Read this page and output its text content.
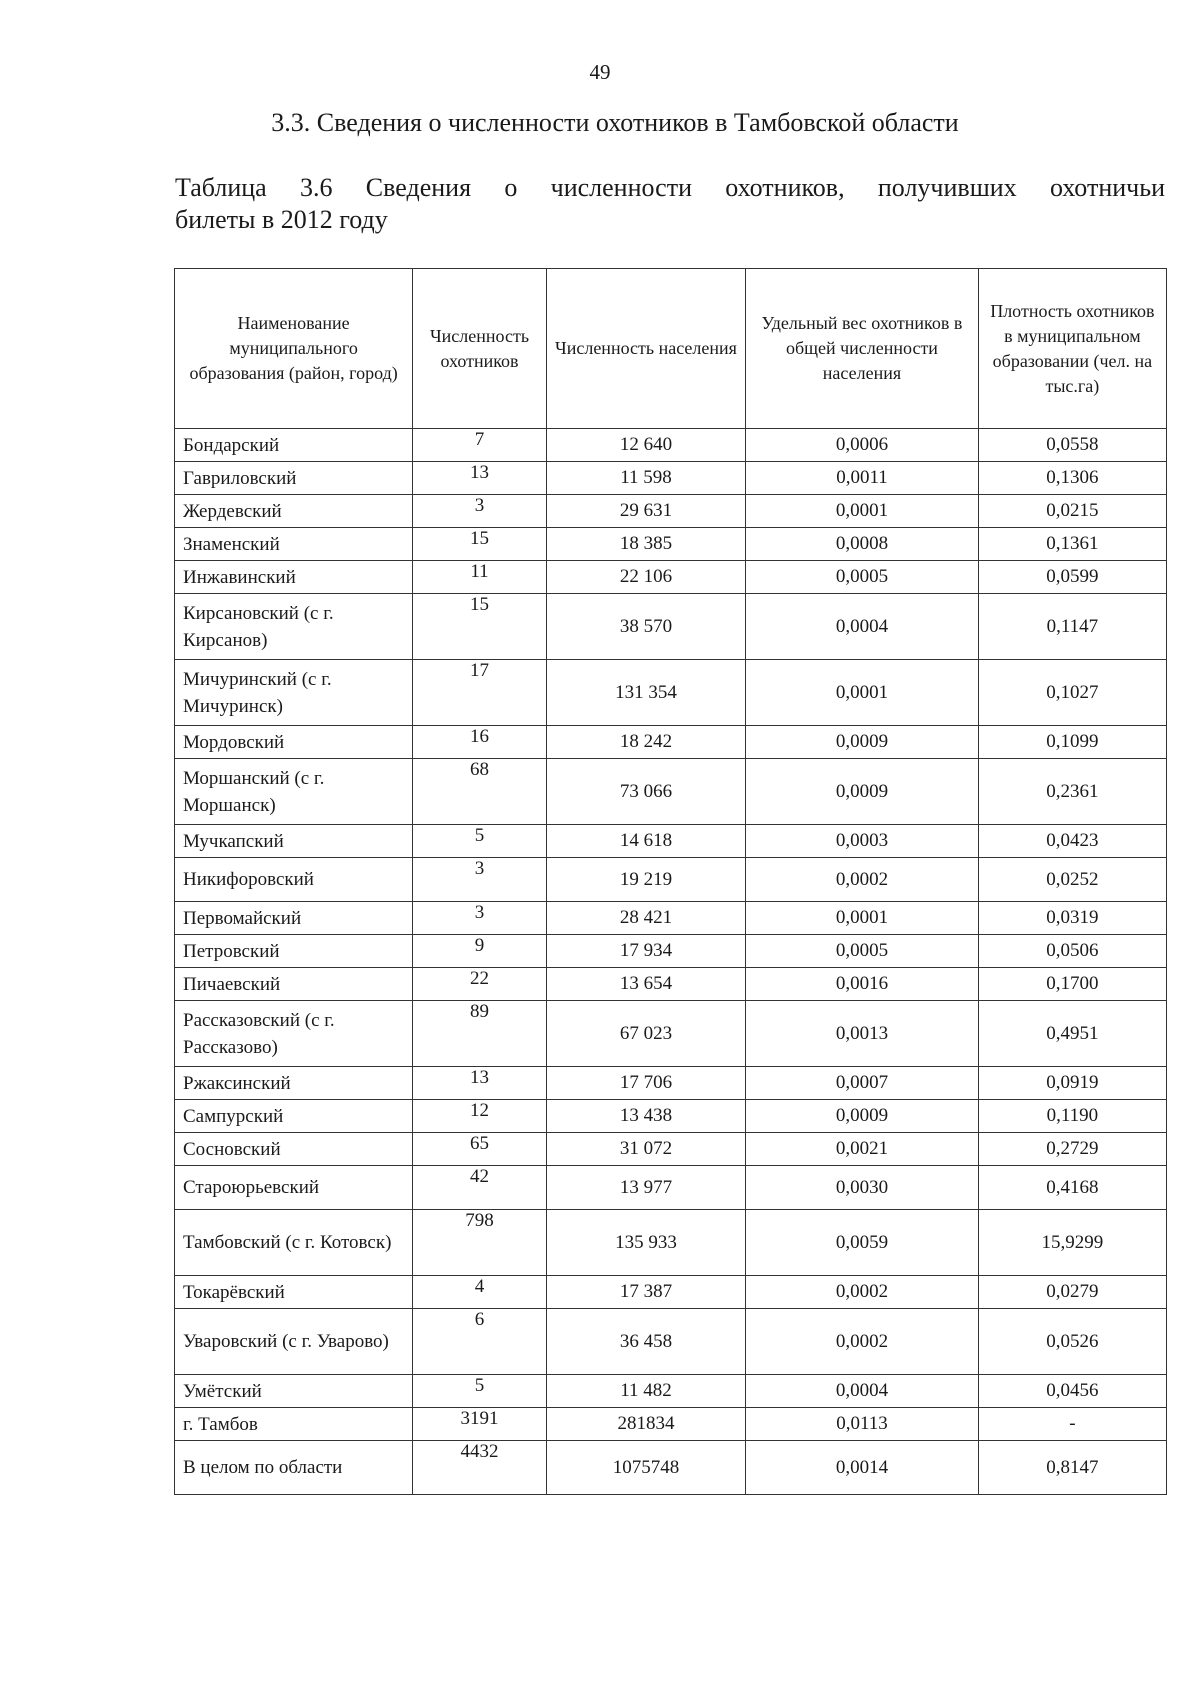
49
3.3. Сведения о численности охотников в Тамбовской области
Таблица 3.6 Сведения о численности охотников, получивших охотничьи
билеты в 2012 году
Наименование муниципального образования (район, город)	Численность охотников	Численность населения	Удельный вес охотников в общей численности населения	Плотность охотников в муниципальном образовании (чел. на тыс.га)
Бондарский	7	12 640	0,0006	0,0558
Гавриловский	13	11 598	0,0011	0,1306
Жердевский	3	29 631	0,0001	0,0215
Знаменский	15	18 385	0,0008	0,1361
Инжавинский	11	22 106	0,0005	0,0599
Кирсановский (с г. Кирсанов)	15	38 570	0,0004	0,1147
Мичуринский (с г. Мичуринск)	17	131 354	0,0001	0,1027
Мордовский	16	18 242	0,0009	0,1099
Моршанский (с г. Моршанск)	68	73 066	0,0009	0,2361
Мучкапский	5	14 618	0,0003	0,0423
Никифоровский	3	19 219	0,0002	0,0252
Первомайский	3	28 421	0,0001	0,0319
Петровский	9	17 934	0,0005	0,0506
Пичаевский	22	13 654	0,0016	0,1700
Рассказовский (с г. Рассказово)	89	67 023	0,0013	0,4951
Ржаксинский	13	17 706	0,0007	0,0919
Сампурский	12	13 438	0,0009	0,1190
Сосновский	65	31 072	0,0021	0,2729
Староюрьевский	42	13 977	0,0030	0,4168
Тамбовский (с г. Котовск)	798	135 933	0,0059	15,9299
Токарёвский	4	17 387	0,0002	0,0279
Уваровский (с г. Уварово)	6	36 458	0,0002	0,0526
Умётский	5	11 482	0,0004	0,0456
г. Тамбов	3191	281834	0,0113	-
В целом по области	4432	1075748	0,0014	0,8147
